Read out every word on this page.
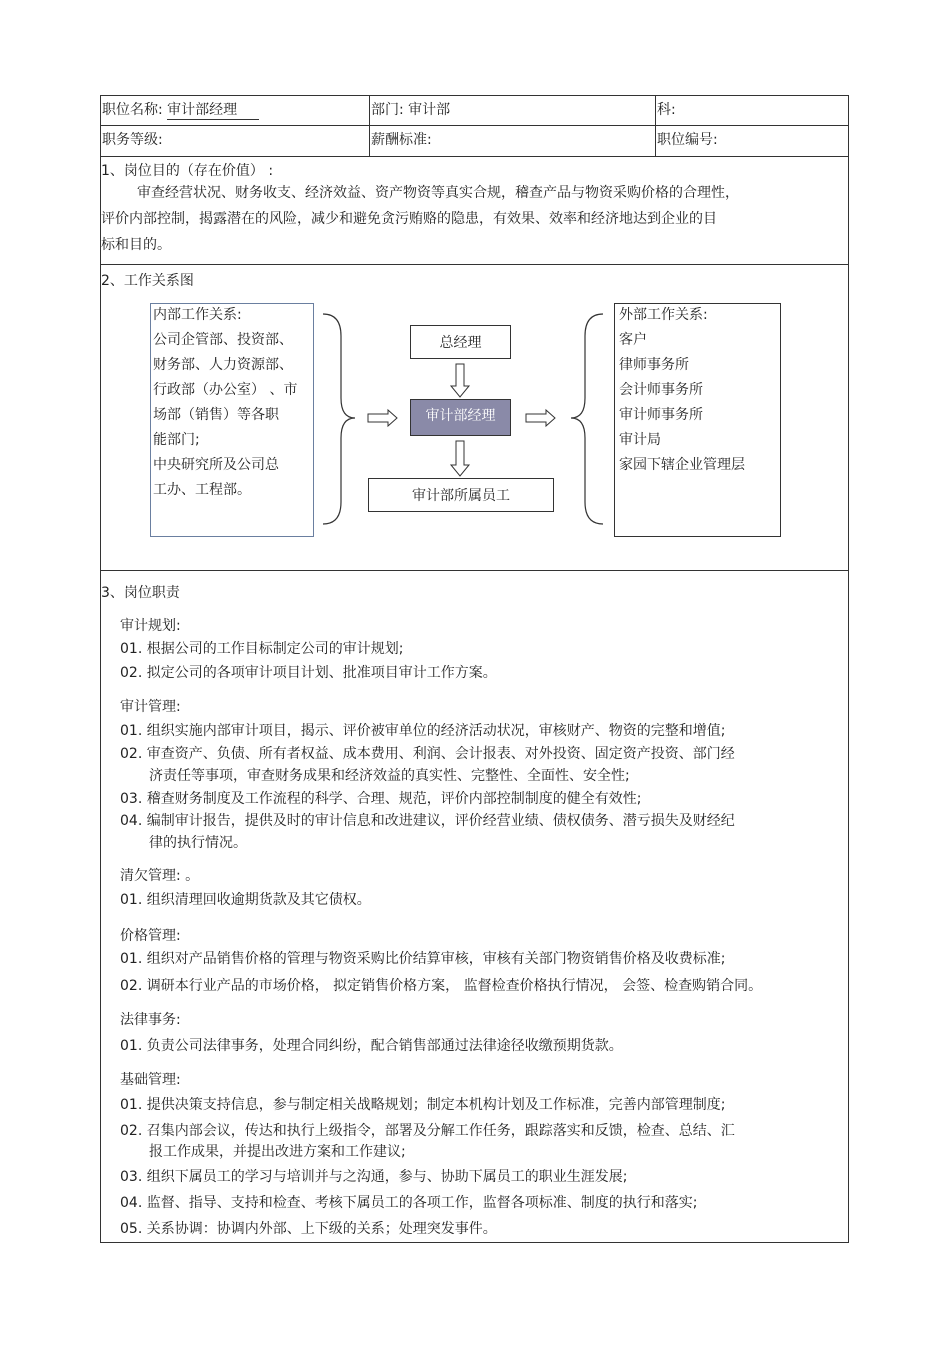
职位名称: 审计部经理	部门: 审计部	科:
职务等级:	薪酬标准:	职位编号:
1、岗位目的（存在价值） :
审查经营状况、财务收支、经济效益、资产物资等真实合规，稽查产品与物资采购价格的合理性，
评价内部控制，揭露潜在的风险，减少和避免贪污贿赂的隐患，有效果、效率和经济地达到企业的目
标和目的。
2、工作关系图
内部工作关系:
公司企管部、投资部、
财务部、人力资源部、
行政部（办公室） 、市
场部（销售）等各职
能部门;
中央研究所及公司总
工办、工程部。
总经理
审计部经理
审计部所属员工
外部工作关系:
客户
律师事务所
会计师事务所
审计师事务所
审计局
家园下辖企业管理层
3、岗位职责
审计规划:
01. 根据公司的工作目标制定公司的审计规划;
02. 拟定公司的各项审计项目计划、批准项目审计工作方案。
审计管理:
01. 组织实施内部审计项目，揭示、评价被审单位的经济活动状况，审核财产、物资的完整和增值;
02. 审查资产、负债、所有者权益、成本费用、利润、会计报表、对外投资、固定资产投资、部门经
济责任等事项，审查财务成果和经济效益的真实性、完整性、全面性、安全性;
03. 稽查财务制度及工作流程的科学、合理、规范，评价内部控制制度的健全有效性;
04. 编制审计报告，提供及时的审计信息和改进建议，评价经营业绩、债权债务、潜亏损失及财经纪
律的执行情况。
清欠管理: 。
01. 组织清理回收逾期货款及其它债权。
价格管理:
01. 组织对产品销售价格的管理与物资采购比价结算审核，审核有关部门物资销售价格及收费标准;
02. 调研本行业产品的市场价格， 拟定销售价格方案， 监督检查价格执行情况， 会签、检查购销合同。
法律事务:
01. 负责公司法律事务，处理合同纠纷，配合销售部通过法律途径收缴预期货款。
基础管理:
01. 提供决策支持信息，参与制定相关战略规划；制定本机构计划及工作标准，完善内部管理制度;
02. 召集内部会议，传达和执行上级指令，部署及分解工作任务，跟踪落实和反馈，检查、总结、汇
报工作成果，并提出改进方案和工作建议;
03. 组织下属员工的学习与培训并与之沟通，参与、协助下属员工的职业生涯发展;
04. 监督、指导、支持和检查、考核下属员工的各项工作，监督各项标准、制度的执行和落实;
05. 关系协调：协调内外部、上下级的关系；处理突发事件。
